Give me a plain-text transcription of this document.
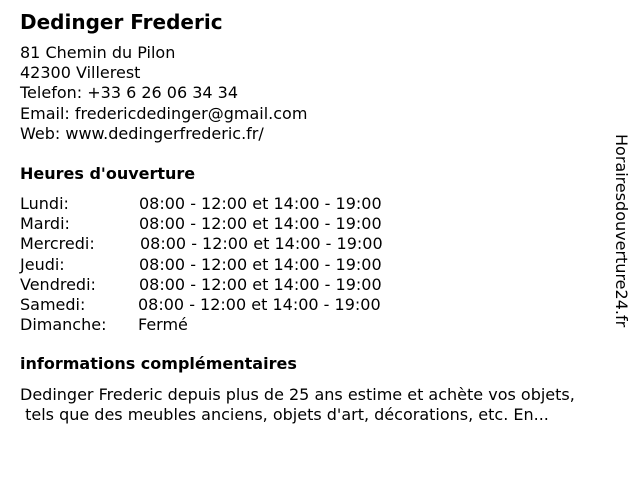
Dedinger Frederic
81 Chemin du Pilon
42300 Villerest
Telefon: +33 6 26 06 34 34
Email: fredericdedinger@gmail.com
Web: www.dedingerfrederic.fr/
Heures d'ouverture
Lundi:	08:00 - 12:00 et 14:00 - 19:00
Mardi:	08:00 - 12:00 et 14:00 - 19:00
Mercredi:	08:00 - 12:00 et 14:00 - 19:00
Jeudi:	08:00 - 12:00 et 14:00 - 19:00
Vendredi:	08:00 - 12:00 et 14:00 - 19:00
Samedi:	08:00 - 12:00 et 14:00 - 19:00
Dimanche: Fermé
informations complémentaires
Dedinger Frederic depuis plus de 25 ans estime et achète vos objets,
tels que des meubles anciens, objets d'art, décorations, etc. En...
Horairesdouverture24.fr
